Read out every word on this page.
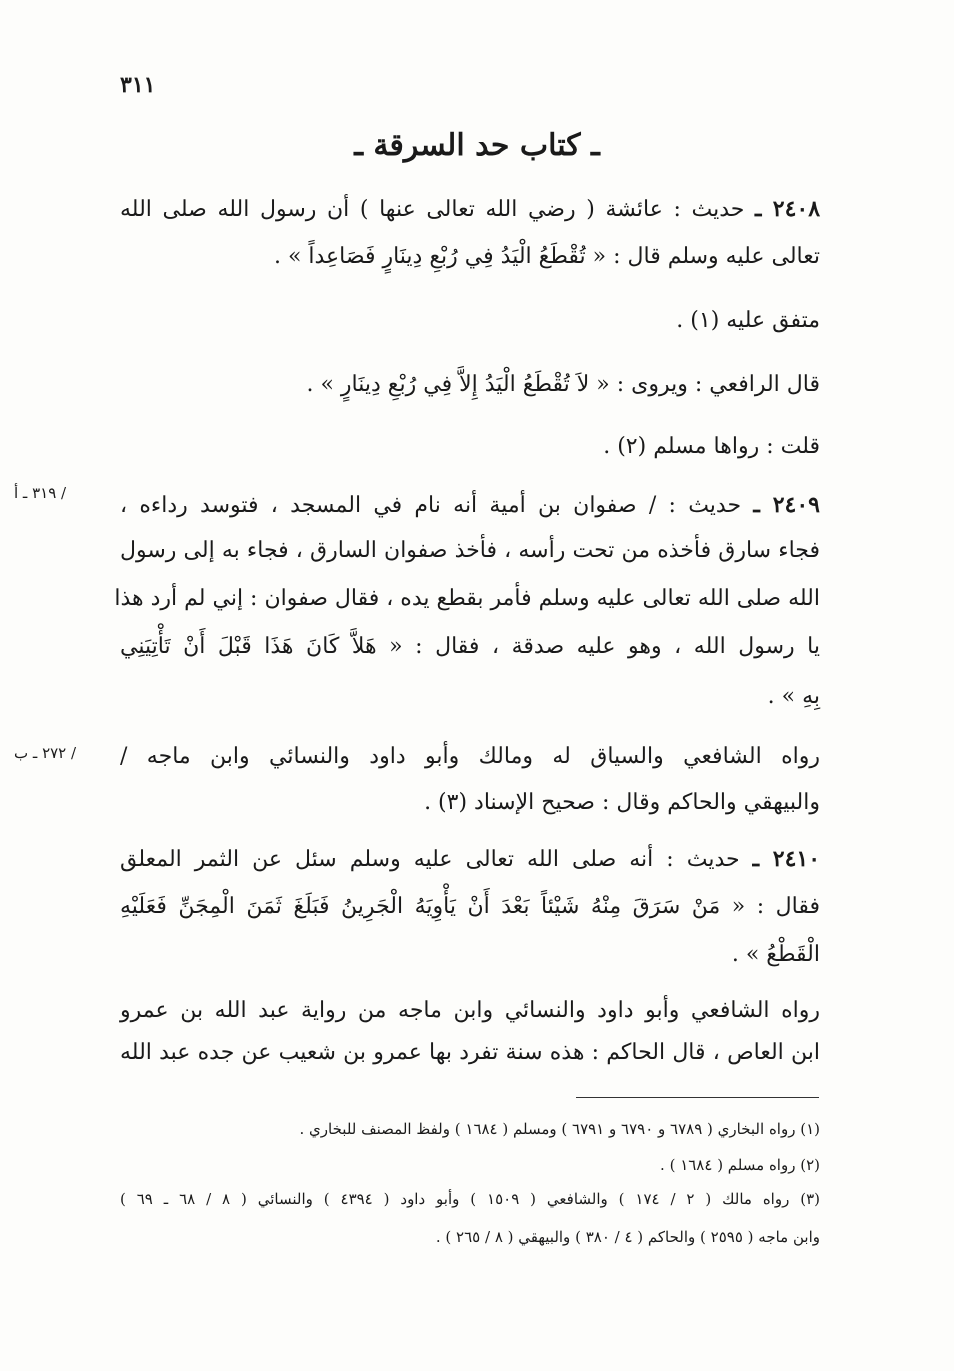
٣١١
ـ كتاب حد السرقة ـ
٢٤٠٨ ـ حديث : عائشة ( رضي الله تعالى عنها ) أن رسول الله صلى الله
تعالى عليه وسلم قال : « تُقْطَعُ الْيَدُ فِي رُبْعِ دِينَارٍ فَصَاعِداً » .
متفق عليه (١) .
قال الرافعي : ويروى : « لاَ تُقْطَعُ الْيَدُ إِلاَّ فِي رُبْعِ دِينَارٍ » .
قلت : رواها مسلم (٢) .
/ ٣١٩ ـ أ	٢٤٠٩ ـ حديث : / صفوان بن أمية أنه نام في المسجد ، فتوسد رداءه ،
فجاء سارق فأخذه من تحت رأسه ، فأخذ صفوان السارق ، فجاء به إلى رسول
الله صلى الله تعالى عليه وسلم فأمر بقطع يده ، فقال صفوان : إني لم أرد هذا
يا رسول الله ، وهو عليه صدقة ، فقال : « هَلاَّ كَانَ هَذَا قَبْلَ أَنْ تَأْتِيَنِي
بِهِ » .
/ ٢٧٢ ـ ب رواه الشافعي والسياق له ومالك وأبو داود والنسائي وابن ماجه /
والبيهقي والحاكم وقال : صحيح الإسناد (٣) .
٢٤١٠ ـ حديث : أنه صلى الله تعالى عليه وسلم سئل عن الثمر المعلق
فقال : « مَنْ سَرَقَ مِنْهُ شَيْئاً بَعْدَ أَنْ يَأْوِيَهُ الْجَرِينُ فَبَلَغَ ثَمَنَ الْمِجَنِّ فَعَلَيْهِ
الْقَطْعُ » .
رواه الشافعي وأبو داود والنسائي وابن ماجه من رواية عبد الله بن عمرو
ابن العاص ، قال الحاكم : هذه سنة تفرد بها عمرو بن شعيب عن جده عبد الله
(١) رواه البخاري ( ٦٧٨٩ و ٦٧٩٠ و ٦٧٩١ ) ومسلم ( ١٦٨٤ ) ولفظ المصنف للبخاري .
(٢) رواه مسلم ( ١٦٨٤ ) .
(٣) رواه مالك ( ٢ / ١٧٤ ) والشافعي ( ١٥٠٩ ) وأبو داود ( ٤٣٩٤ ) والنسائي ( ٨ / ٦٨ ـ ٦٩ )
وابن ماجه ( ٢٥٩٥ ) والحاكم ( ٤ / ٣٨٠ ) والبيهقي ( ٨ / ٢٦٥ ) .
